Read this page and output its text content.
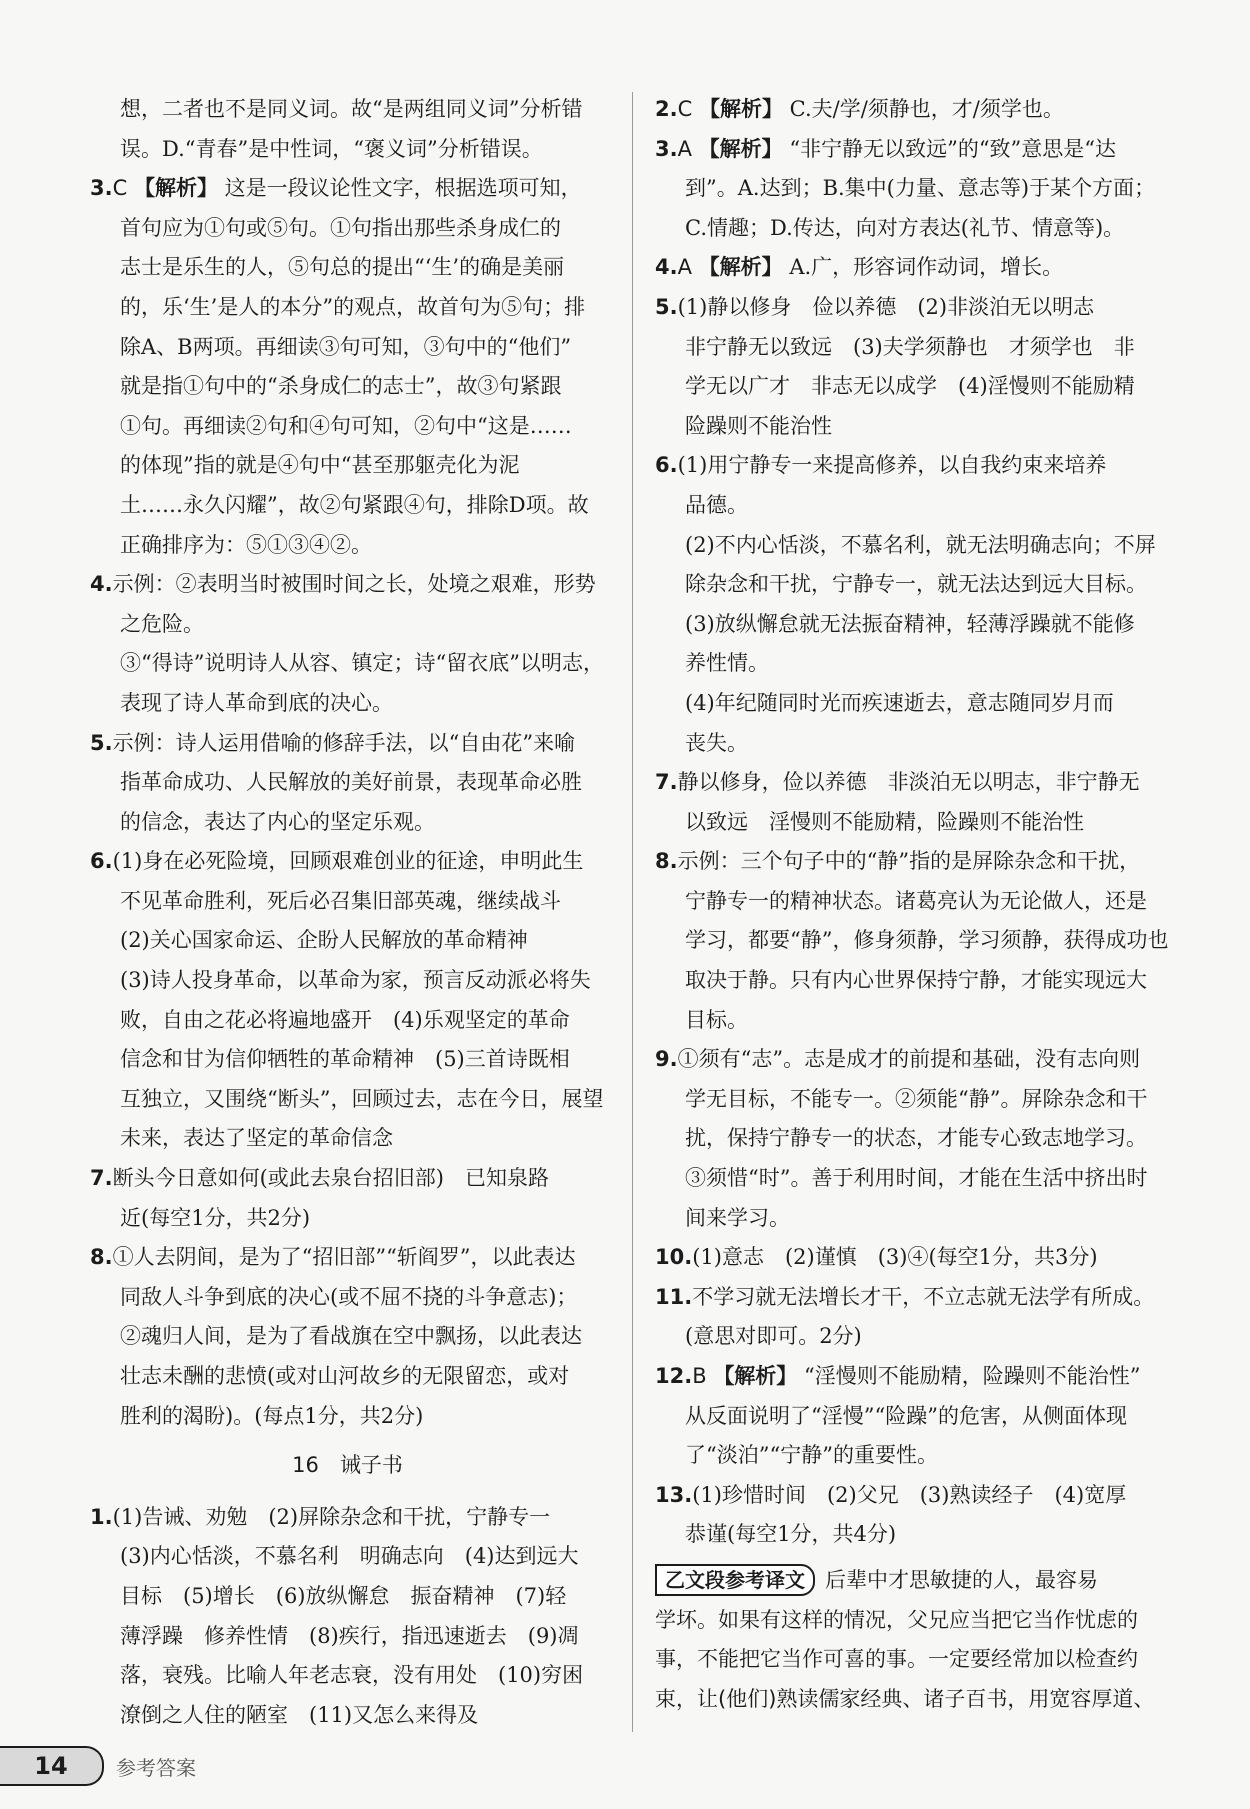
想，二者也不是同义词。故“是两组同义词”分析错
误。D.“青春”是中性词，“褒义词”分析错误。

3.C 【解析】 这是一段议论性文字，根据选项可知，
首句应为①句或⑤句。①句指出那些杀身成仁的
志士是乐生的人，⑤句总的提出“‘生’的确是美丽
的，乐‘生’是人的本分”的观点，故首句为⑤句；排
除A、B两项。再细读③句可知，③句中的“他们”
就是指①句中的“杀身成仁的志士”，故③句紧跟
①句。再细读②句和④句可知，②句中“这是……
的体现”指的就是④句中“甚至那躯壳化为泥
土……永久闪耀”，故②句紧跟④句，排除D项。故
正确排序为：⑤①③④②。

4.示例：②表明当时被围时间之长，处境之艰难，形势
之危险。
③“得诗”说明诗人从容、镇定；诗“留衣底”以明志，
表现了诗人革命到底的决心。

5.示例：诗人运用借喻的修辞手法，以“自由花”来喻
指革命成功、人民解放的美好前景，表现革命必胜
的信念，表达了内心的坚定乐观。

6.(1)身在必死险境，回顾艰难创业的征途，申明此生
不见革命胜利，死后必召集旧部英魂，继续战斗
(2)关心国家命运、企盼人民解放的革命精神
(3)诗人投身革命，以革命为家，预言反动派必将失
败，自由之花必将遍地盛开　(4)乐观坚定的革命
信念和甘为信仰牺牲的革命精神　(5)三首诗既相
互独立，又围绕“断头”，回顾过去，志在今日，展望
未来，表达了坚定的革命信念

7.断头今日意如何(或此去泉台招旧部)　已知泉路
近(每空1分，共2分)

8.①人去阴间，是为了“招旧部”“斩阎罗”，以此表达
同敌人斗争到底的决心(或不屈不挠的斗争意志)；
②魂归人间，是为了看战旗在空中飘扬，以此表达
壮志未酬的悲愤(或对山河故乡的无限留恋，或对
胜利的渴盼)。(每点1分，共2分)

16　诫子书

1.(1)告诫、劝勉　(2)屏除杂念和干扰，宁静专一
(3)内心恬淡，不慕名利　明确志向　(4)达到远大
目标　(5)增长　(6)放纵懈怠　振奋精神　(7)轻
薄浮躁　修养性情　(8)疾行，指迅速逝去　(9)凋
落，衰残。比喻人年老志衰，没有用处　(10)穷困
潦倒之人住的陋室　(11)又怎么来得及

2.C 【解析】 C.夫/学/须静也，才/须学也。

3.A 【解析】 “非宁静无以致远”的“致”意思是“达
到”。A.达到；B.集中(力量、意志等)于某个方面；
C.情趣；D.传达，向对方表达(礼节、情意等)。

4.A 【解析】 A.广，形容词作动词，增长。

5.(1)静以修身　俭以养德　(2)非淡泊无以明志
非宁静无以致远　(3)夫学须静也　才须学也　非
学无以广才　非志无以成学　(4)淫慢则不能励精
险躁则不能治性

6.(1)用宁静专一来提高修养，以自我约束来培养
品德。
(2)不内心恬淡，不慕名利，就无法明确志向；不屏
除杂念和干扰，宁静专一，就无法达到远大目标。
(3)放纵懈怠就无法振奋精神，轻薄浮躁就不能修
养性情。
(4)年纪随同时光而疾速逝去，意志随同岁月而
丧失。

7.静以修身，俭以养德　非淡泊无以明志，非宁静无
以致远　淫慢则不能励精，险躁则不能治性

8.示例：三个句子中的“静”指的是屏除杂念和干扰，
宁静专一的精神状态。诸葛亮认为无论做人，还是
学习，都要“静”，修身须静，学习须静，获得成功也
取决于静。只有内心世界保持宁静，才能实现远大
目标。

9.①须有“志”。志是成才的前提和基础，没有志向则
学无目标，不能专一。②须能“静”。屏除杂念和干
扰，保持宁静专一的状态，才能专心致志地学习。
③须惜“时”。善于利用时间，才能在生活中挤出时
间来学习。

10.(1)意志　(2)谨慎　(3)④(每空1分，共3分)

11.不学习就无法增长才干，不立志就无法学有所成。
(意思对即可。2分)

12.B 【解析】 “淫慢则不能励精，险躁则不能治性”
从反面说明了“淫慢”“险躁”的危害，从侧面体现
了“淡泊”“宁静”的重要性。

13.(1)珍惜时间　(2)父兄　(3)熟读经子　(4)宽厚
恭谨(每空1分，共4分)

乙文段参考译文 后辈中才思敏捷的人，最容易
学坏。如果有这样的情况，父兄应当把它当作忧虑的
事，不能把它当作可喜的事。一定要经常加以检查约
束，让(他们)熟读儒家经典、诸子百书，用宽容厚道、

14	参考答案
